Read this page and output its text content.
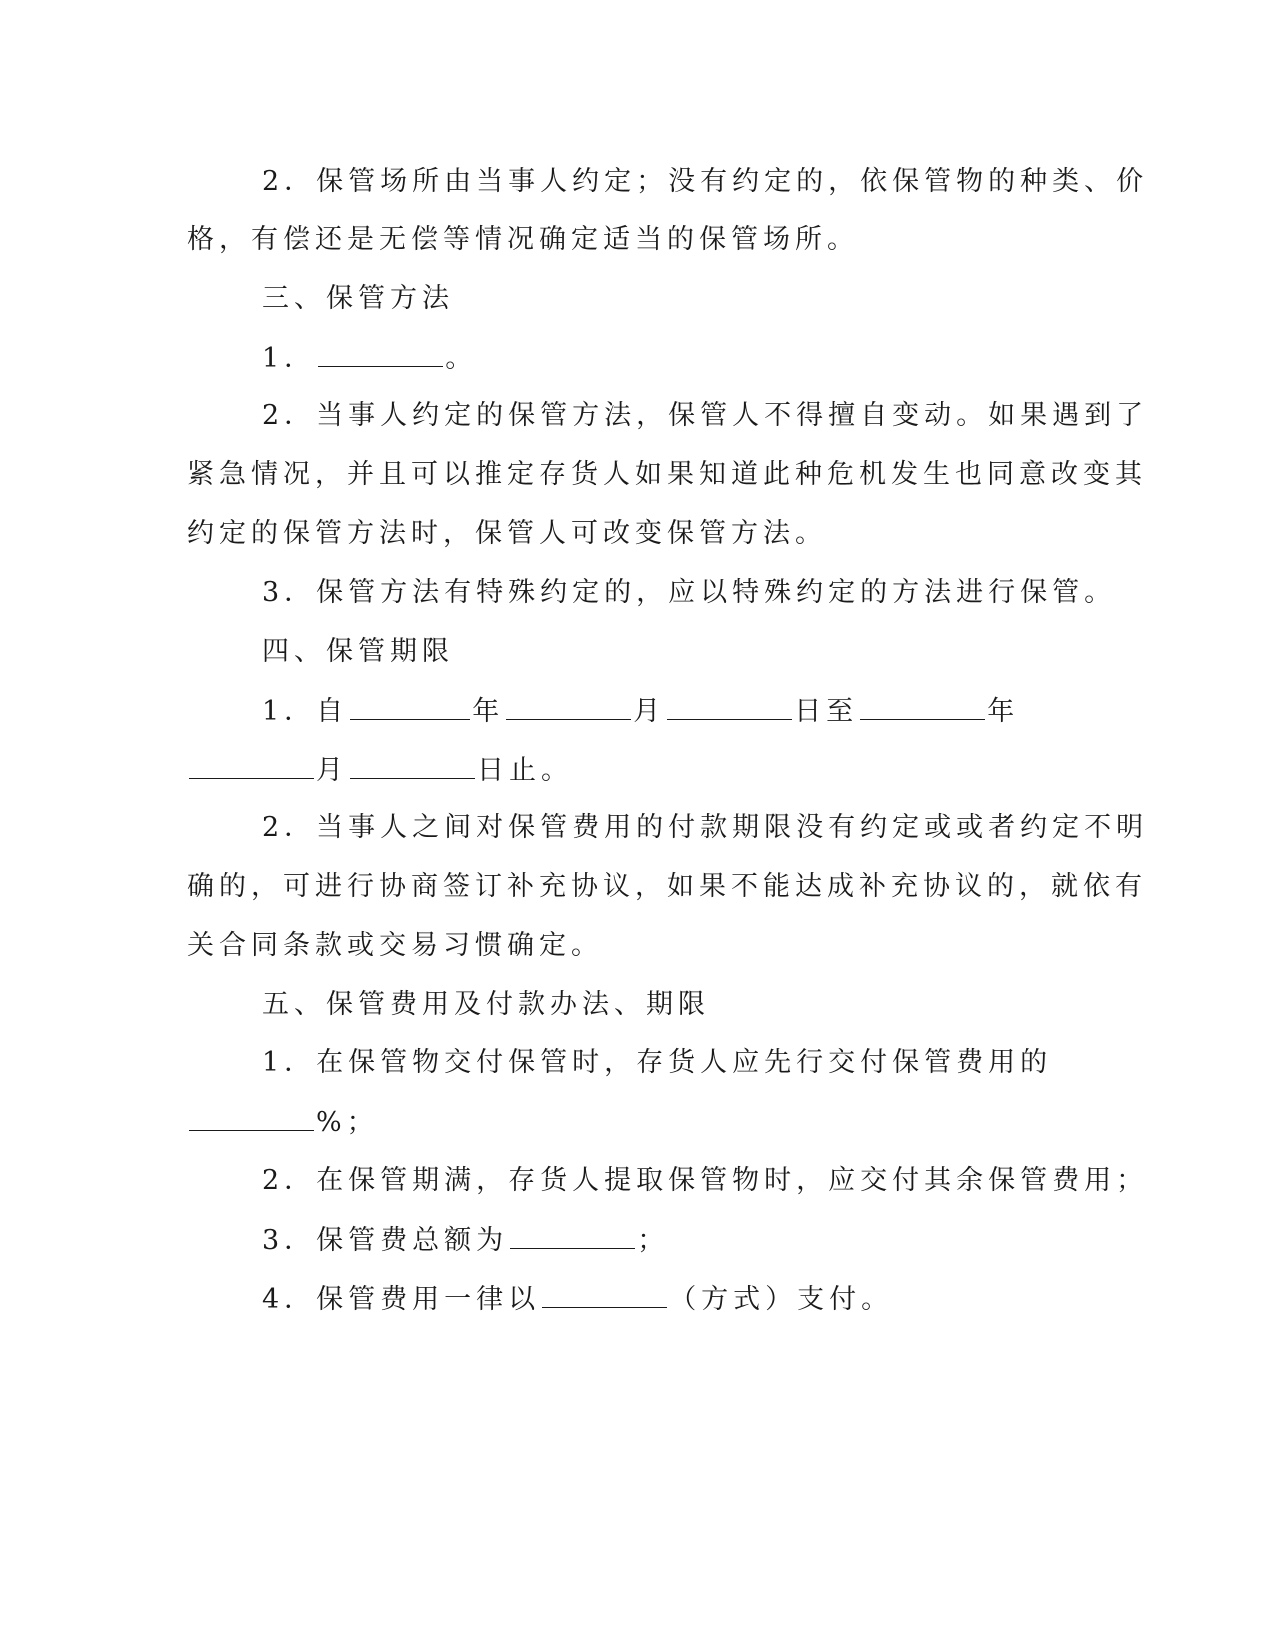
2．保管场所由当事人约定；没有约定的，依保管物的种类、价
格，有偿还是无偿等情况确定适当的保管场所。
三、保管方法
1．	。
2．当事人约定的保管方法，保管人不得擅自变动。如果遇到了
紧急情况，并且可以推定存货人如果知道此种危机发生也同意改变其
约定的保管方法时，保管人可改变保管方法。
3．保管方法有特殊约定的，应以特殊约定的方法进行保管。
四、保管期限
1．自	年	月	日至	年
月	日止。
2．当事人之间对保管费用的付款期限没有约定或或者约定不明
确的，可进行协商签订补充协议，如果不能达成补充协议的，就依有
关合同条款或交易习惯确定。
五、保管费用及付款办法、期限
1．在保管物交付保管时，存货人应先行交付保管费用的
%；
2．在保管期满，存货人提取保管物时，应交付其余保管费用；
3．保管费总额为	；
4．保管费用一律以	（方式）支付。
